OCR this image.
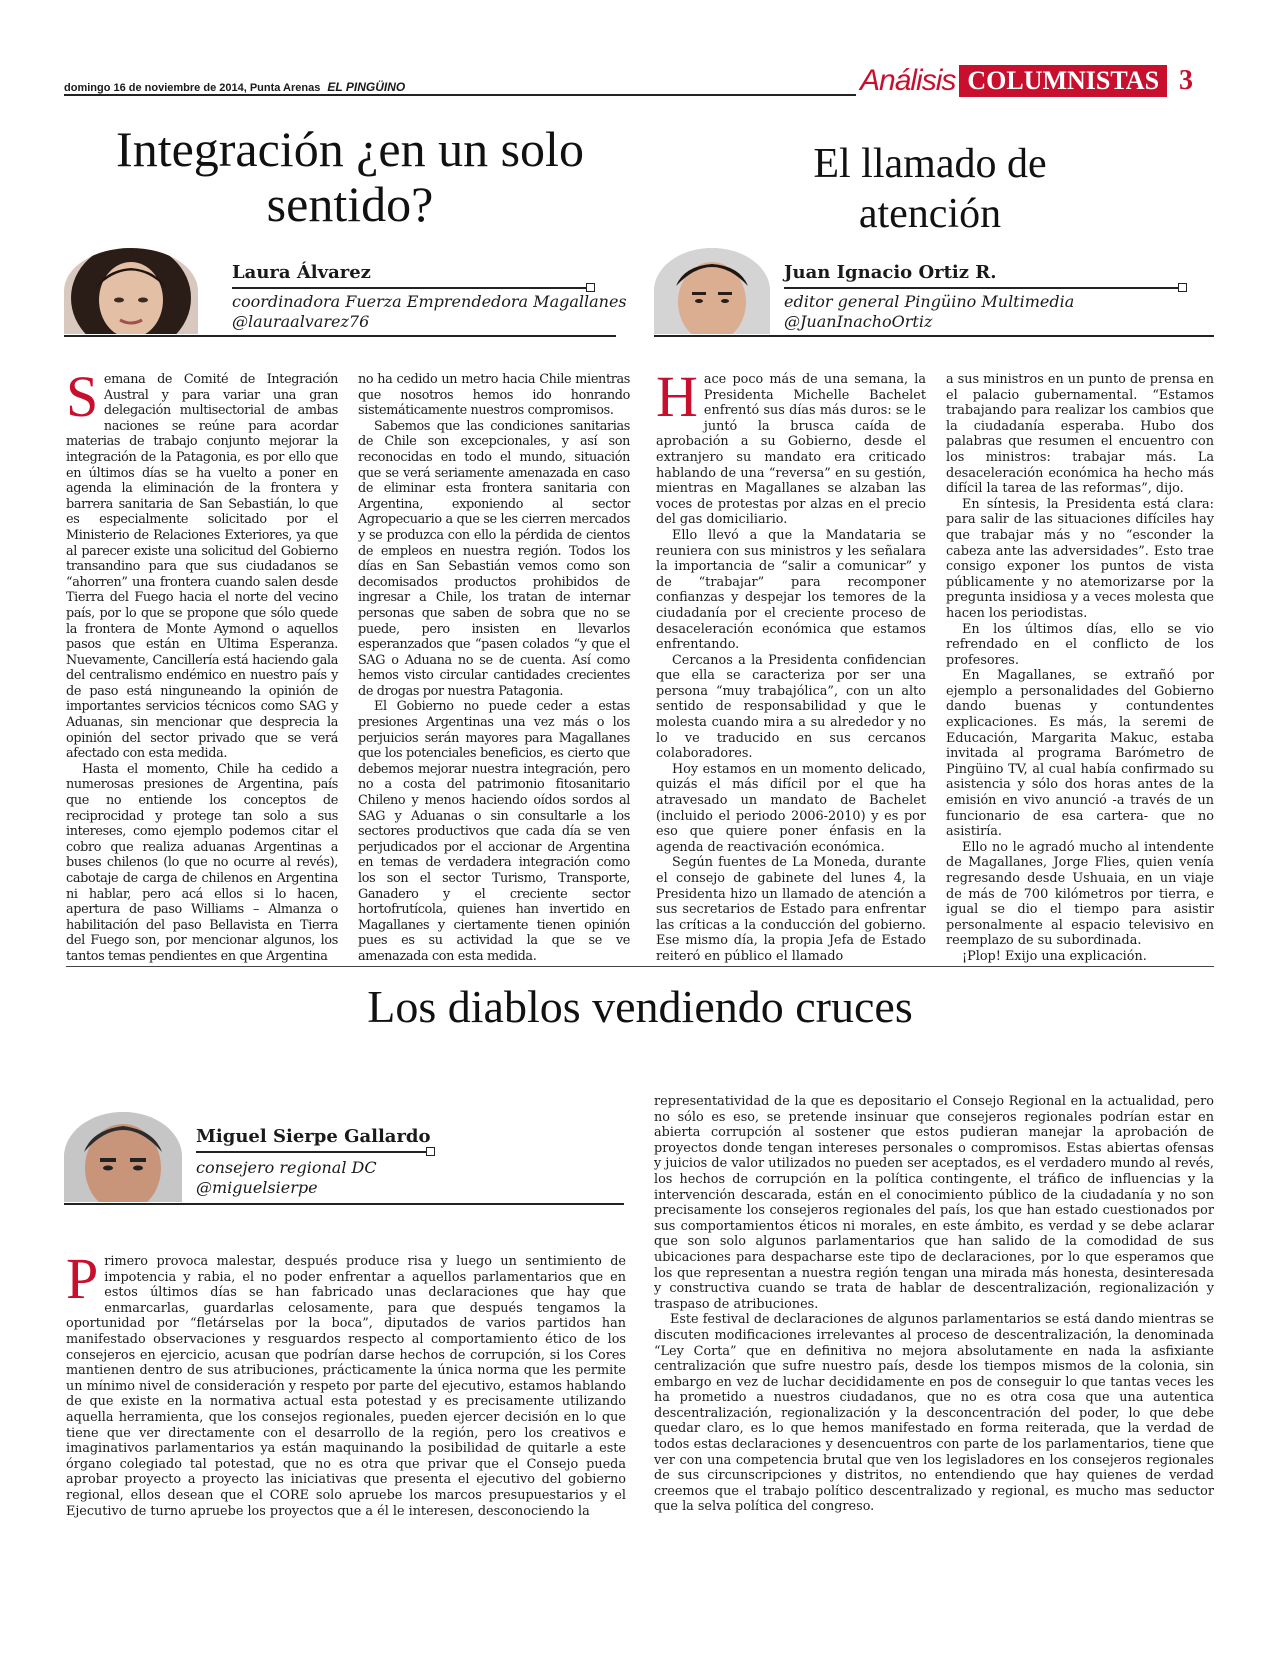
domingo 16 de noviembre de 2014, Punta Arenas EL PINGÜINO	Análisis COLUMNISTAS 3
Integración ¿en un solo sentido?
Laura Álvarez
coordinadora Fuerza Emprendedora Magallanes
@lauraalvarez76

Semana de Comité de Integración Austral y para variar una gran delegación multisectorial de ambas naciones se reúne para acordar materias de trabajo conjunto mejorar la integración de la Patagonia, es por ello que en últimos días se ha vuelto a poner en agenda la eliminación de la frontera y barrera sanitaria de San Sebastián, lo que es especialmente solicitado por el Ministerio de Relaciones Exteriores, ya que al parecer existe una solicitud del Gobierno transandino para que sus ciudadanos se “ahorren” una frontera cuando salen desde Tierra del Fuego hacia el norte del vecino país, por lo que se propone que sólo quede la frontera de Monte Aymond o aquellos pasos que están en Ultima Esperanza. Nuevamente, Cancillería está haciendo gala del centralismo endémico en nuestro país y de paso está ninguneando la opinión de importantes servicios técnicos como SAG y Aduanas, sin mencionar que desprecia la opinión del sector privado que se verá afectado con esta medida.

Hasta el momento, Chile ha cedido a numerosas presiones de Argentina, país que no entiende los conceptos de reciprocidad y protege tan solo a sus intereses, como ejemplo podemos citar el cobro que realiza aduanas Argentinas a buses chilenos (lo que no ocurre al revés), cabotaje de carga de chilenos en Argentina ni hablar, pero acá ellos si lo hacen, apertura de paso Williams – Almanza o habilitación del paso Bellavista en Tierra del Fuego son, por mencionar algunos, los tantos temas pendientes en que Argentina

no ha cedido un metro hacia Chile mientras que nosotros hemos ido honrando sistemáticamente nuestros compromisos.

Sabemos que las condiciones sanitarias de Chile son excepcionales, y así son reconocidas en todo el mundo, situación que se verá seriamente amenazada en caso de eliminar esta frontera sanitaria con Argentina, exponiendo al sector Agropecuario a que se les cierren mercados y se produzca con ello la pérdida de cientos de empleos en nuestra región. Todos los días en San Sebastián vemos como son decomisados productos prohibidos de ingresar a Chile, los tratan de internar personas que saben de sobra que no se puede, pero insisten en llevarlos esperanzados que “pasen colados “y que el SAG o Aduana no se de cuenta. Así como hemos visto circular cantidades crecientes de drogas por nuestra Patagonia.

El Gobierno no puede ceder a estas presiones Argentinas una vez más o los perjuicios serán mayores para Magallanes que los potenciales beneficios, es cierto que debemos mejorar nuestra integración, pero no a costa del patrimonio fitosanitario Chileno y menos haciendo oídos sordos al SAG y Aduanas o sin consultarle a los sectores productivos que cada día se ven perjudicados por el accionar de Argentina en temas de verdadera integración como los son el sector Turismo, Transporte, Ganadero y el creciente sector hortofrutícola, quienes han invertido en Magallanes y ciertamente tienen opinión pues es su actividad la que se ve amenazada con esta medida.

El llamado de atención
Juan Ignacio Ortiz R.
editor general Pingüino Multimedia
@JuanInachoOrtiz

Hace poco más de una semana, la Presidenta Michelle Bachelet enfrentó sus días más duros: se le juntó la brusca caída de aprobación a su Gobierno, desde el extranjero su mandato era criticado hablando de una “reversa” en su gestión, mientras en Magallanes se alzaban las voces de protestas por alzas en el precio del gas domiciliario.

Ello llevó a que la Mandataria se reuniera con sus ministros y les señalara la importancia de “salir a comunicar” y de “trabajar” para recomponer confianzas y despejar los temores de la ciudadanía por el creciente proceso de desaceleración económica que estamos enfrentando.

Cercanos a la Presidenta confidencian que ella se caracteriza por ser una persona “muy trabajólica”, con un alto sentido de responsabilidad y que le molesta cuando mira a su alrededor y no lo ve traducido en sus cercanos colaboradores.

Hoy estamos en un momento delicado, quizás el más difícil por el que ha atravesado un mandato de Bachelet (incluido el periodo 2006-2010) y es por eso que quiere poner énfasis en la agenda de reactivación económica.

Según fuentes de La Moneda, durante el consejo de gabinete del lunes 4, la Presidenta hizo un llamado de atención a sus secretarios de Estado para enfrentar las críticas a la conducción del gobierno. Ese mismo día, la propia Jefa de Estado reiteró en público el llamado

a sus ministros en un punto de prensa en el palacio gubernamental. “Estamos trabajando para realizar los cambios que la ciudadanía esperaba. Hubo dos palabras que resumen el encuentro con los ministros: trabajar más. La desaceleración económica ha hecho más difícil la tarea de las reformas”, dijo.

En síntesis, la Presidenta está clara: para salir de las situaciones difíciles hay que trabajar más y no “esconder la cabeza ante las adversidades”. Esto trae consigo exponer los puntos de vista públicamente y no atemorizarse por la pregunta insidiosa y a veces molesta que hacen los periodistas.

En los últimos días, ello se vio refrendado en el conflicto de los profesores.

En Magallanes, se extrañó por ejemplo a personalidades del Gobierno dando buenas y contundentes explicaciones. Es más, la seremi de Educación, Margarita Makuc, estaba invitada al programa Barómetro de Pingüino TV, al cual había confirmado su asistencia y sólo dos horas antes de la emisión en vivo anunció -a través de un funcionario de esa cartera- que no asistiría.

Ello no le agradó mucho al intendente de Magallanes, Jorge Flies, quien venía regresando desde Ushuaia, en un viaje de más de 700 kilómetros por tierra, e igual se dio el tiempo para asistir personalmente al espacio televisivo en reemplazo de su subordinada.

¡Plop! Exijo una explicación.

Los diablos vendiendo cruces
Miguel Sierpe Gallardo
consejero regional DC
@miguelsierpe

Primero provoca malestar, después produce risa y luego un sentimiento de impotencia y rabia, el no poder enfrentar a aquellos parlamentarios que en estos últimos días se han fabricado unas declaraciones que hay que enmarcarlas, guardarlas celosamente, para que después tengamos la oportunidad por “fletárselas por la boca”, diputados de varios partidos han manifestado observaciones y resguardos respecto al comportamiento ético de los consejeros en ejercicio, acusan que podrían darse hechos de corrupción, si los Cores mantienen dentro de sus atribuciones, prácticamente la única norma que les permite un mínimo nivel de consideración y respeto por parte del ejecutivo, estamos hablando de que existe en la normativa actual esta potestad y es precisamente utilizando aquella herramienta, que los consejos regionales, pueden ejercer decisión en lo que tiene que ver directamente con el desarrollo de la región, pero los creativos e imaginativos parlamentarios ya están maquinando la posibilidad de quitarle a este órgano colegiado tal potestad, que no es otra que privar que el Consejo pueda aprobar proyecto a proyecto las iniciativas que presenta el ejecutivo del gobierno regional, ellos desean que el CORE solo apruebe los marcos presupuestarios y el Ejecutivo de turno apruebe los proyectos que a él le interesen, desconociendo la

representatividad de la que es depositario el Consejo Regional en la actualidad, pero no sólo es eso, se pretende insinuar que consejeros regionales podrían estar en abierta corrupción al sostener que estos pudieran manejar la aprobación de proyectos donde tengan intereses personales o compromisos. Estas abiertas ofensas y juicios de valor utilizados no pueden ser aceptados, es el verdadero mundo al revés, los hechos de corrupción en la política contingente, el tráfico de influencias y la intervención descarada, están en el conocimiento público de la ciudadanía y no son precisamente los consejeros regionales del país, los que han estado cuestionados por sus comportamientos éticos ni morales, en este ámbito, es verdad y se debe aclarar que son solo algunos parlamentarios que han salido de la comodidad de sus ubicaciones para despacharse este tipo de declaraciones, por lo que esperamos que los que representan a nuestra región tengan una mirada más honesta, desinteresada y constructiva cuando se trata de hablar de descentralización, regionalización y traspaso de atribuciones.

Este festival de declaraciones de algunos parlamentarios se está dando mientras se discuten modificaciones irrelevantes al proceso de descentralización, la denominada “Ley Corta” que en definitiva no mejora absolutamente en nada la asfixiante centralización que sufre nuestro país, desde los tiempos mismos de la colonia, sin embargo en vez de luchar decididamente en pos de conseguir lo que tantas veces les ha prometido a nuestros ciudadanos, que no es otra cosa que una autentica descentralización, regionalización y la desconcentración del poder, lo que debe quedar claro, es lo que hemos manifestado en forma reiterada, que la verdad de todos estas declaraciones y desencuentros con parte de los parlamentarios, tiene que ver con una competencia brutal que ven los legisladores en los consejeros regionales de sus circunscripciones y distritos, no entendiendo que hay quienes de verdad creemos que el trabajo político descentralizado y regional, es mucho mas seductor que la selva política del congreso.
